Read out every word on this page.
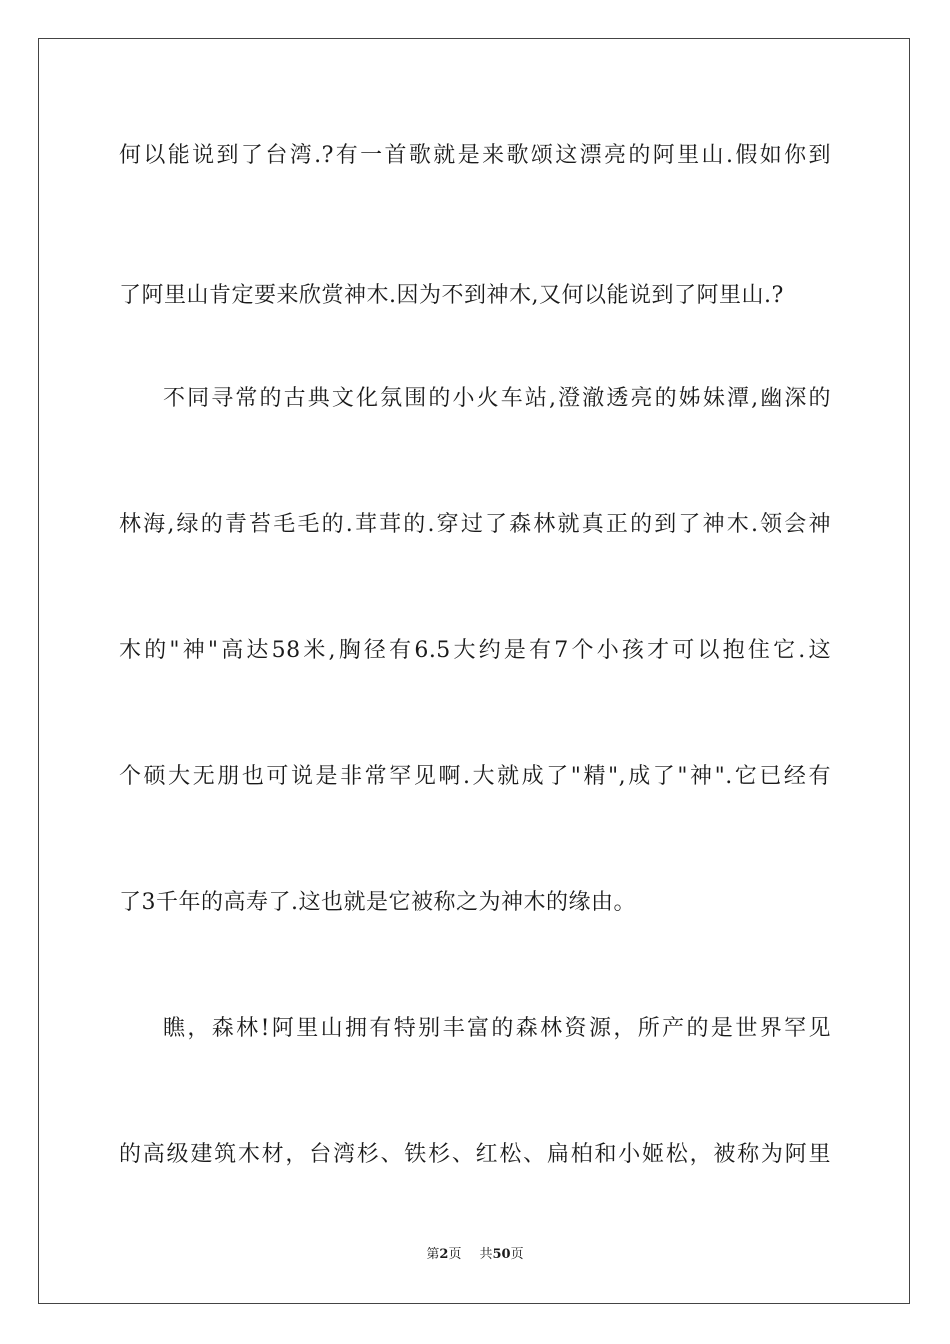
何以能说到了台湾.?有一首歌就是来歌颂这漂亮的阿里山.假如你到
了阿里山肯定要来欣赏神木.因为不到神木,又何以能说到了阿里山.?
不同寻常的古典文化氛围的小火车站,澄澈透亮的姊妹潭,幽深的
林海,绿的青苔毛毛的.茸茸的.穿过了森林就真正的到了神木.领会神
木的"神"高达58米,胸径有6.5大约是有7个小孩才可以抱住它.这
个硕大无朋也可说是非常罕见啊.大就成了"精",成了"神".它已经有
了3千年的高寿了.这也就是它被称之为神木的缘由。
瞧，森林!阿里山拥有特别丰富的森林资源，所产的是世界罕见
的高级建筑木材，台湾杉、铁杉、红松、扁柏和小姬松，被称为阿里
第2页 共50页
